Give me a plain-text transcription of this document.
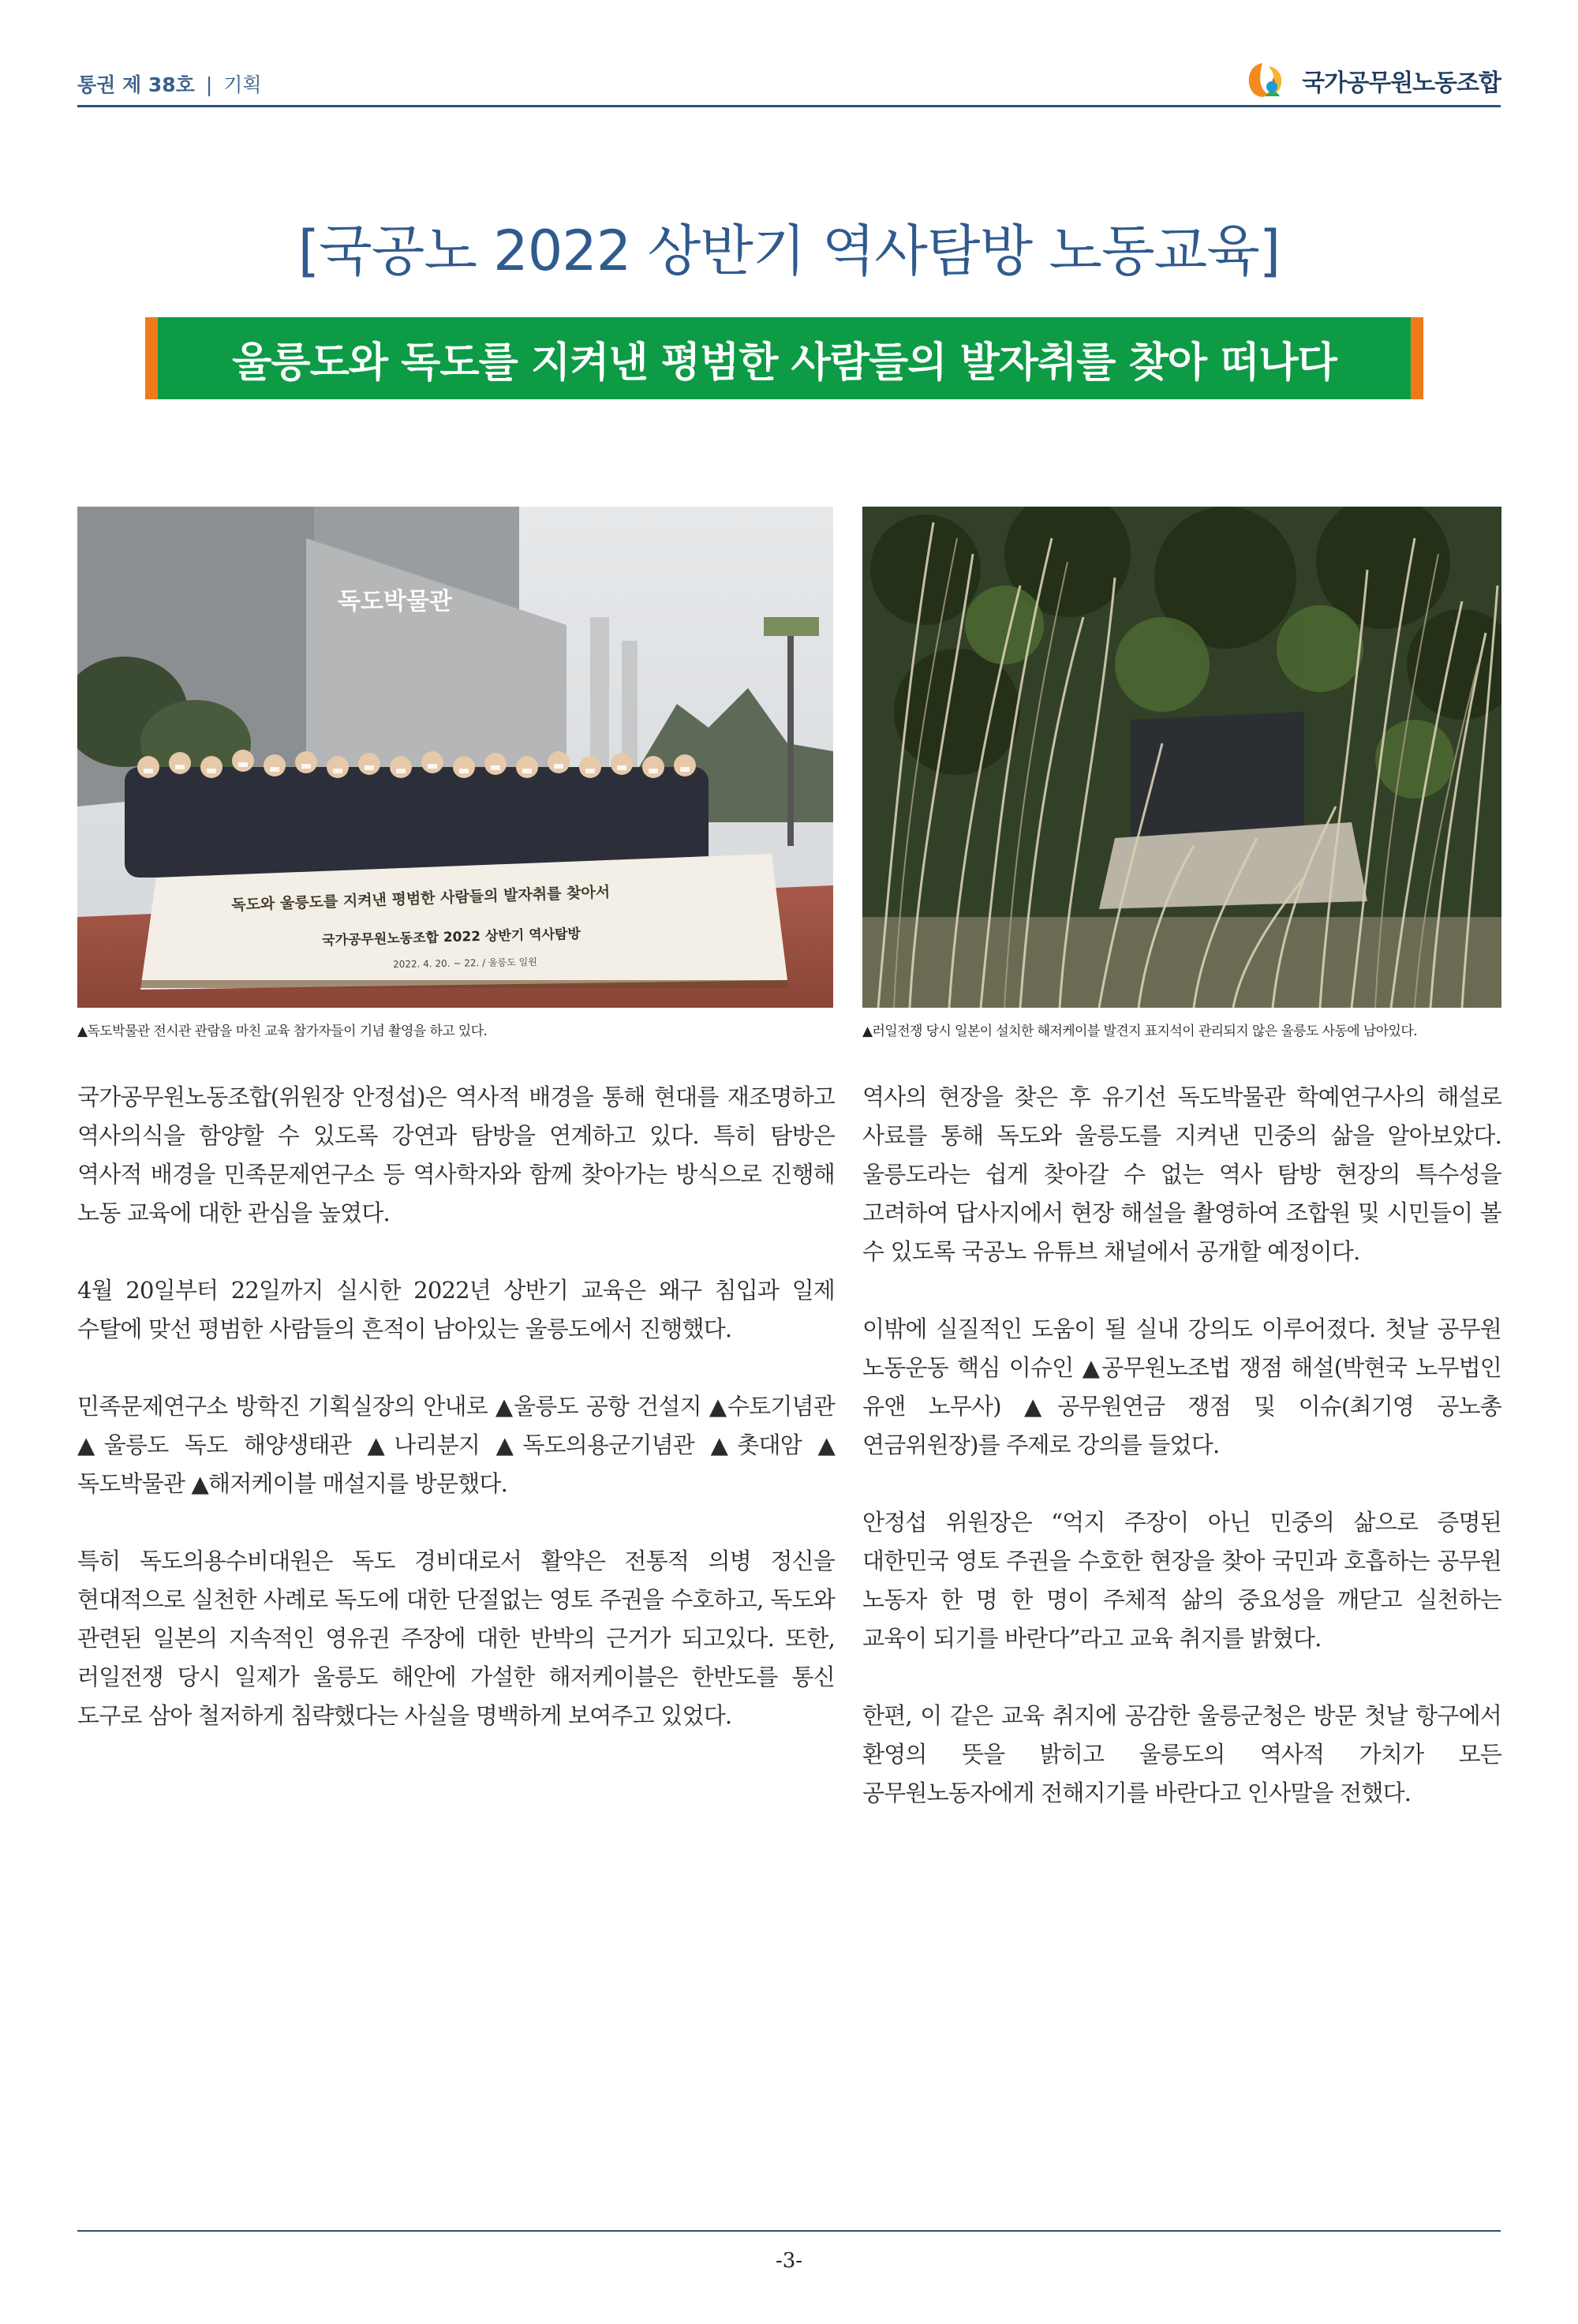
통권 제 38호 | 기획	국가공무원노동조합
[국공노 2022 상반기 역사탐방 노동교육]
울릉도와 독도를 지켜낸 평범한 사람들의 발자취를 찾아 떠나다
독도박물관
독도와 울릉도를 지켜낸 평범한 사람들의 발자취를 찾아서
국가공무원노동조합 2022 상반기 역사탐방
2022. 4. 20. ~ 22. / 울릉도 일원
▲독도박물관 전시관 관람을 마친 교육 참가자들이 기념 촬영을 하고 있다.	▲러일전쟁 당시 일본이 설치한 해저케이블 발견지 표지석이 관리되지 않은 울릉도 사동에 남아있다.

국가공무원노동조합(위원장 안정섭)은 역사적 배경을 통해 현대를 재조명하고 역사의식을 함양할 수 있도록 강연과 탐방을 연계하고 있다. 특히 탐방은 역사적 배경을 민족문제연구소 등 역사학자와 함께 찾아가는 방식으로 진행해 노동 교육에 대한 관심을 높였다.

4월 20일부터 22일까지 실시한 2022년 상반기 교육은 왜구 침입과 일제 수탈에 맞선 평범한 사람들의 흔적이 남아있는 울릉도에서 진행했다.

민족문제연구소 방학진 기획실장의 안내로 ▲울릉도 공항 건설지 ▲수토기념관 ▲울릉도 독도 해양생태관 ▲나리분지 ▲독도의용군기념관 ▲촛대암 ▲독도박물관 ▲해저케이블 매설지를 방문했다.

특히 독도의용수비대원은 독도 경비대로서 활약은 전통적 의병 정신을 현대적으로 실천한 사례로 독도에 대한 단절없는 영토 주권을 수호하고, 독도와 관련된 일본의 지속적인 영유권 주장에 대한 반박의 근거가 되고있다. 또한, 러일전쟁 당시 일제가 울릉도 해안에 가설한 해저케이블은 한반도를 통신 도구로 삼아 철저하게 침략했다는 사실을 명백하게 보여주고 있었다.

역사의 현장을 찾은 후 유기선 독도박물관 학예연구사의 해설로 사료를 통해 독도와 울릉도를 지켜낸 민중의 삶을 알아보았다. 울릉도라는 쉽게 찾아갈 수 없는 역사 탐방 현장의 특수성을 고려하여 답사지에서 현장 해설을 촬영하여 조합원 및 시민들이 볼 수 있도록 국공노 유튜브 채널에서 공개할 예정이다.

이밖에 실질적인 도움이 될 실내 강의도 이루어졌다. 첫날 공무원 노동운동 핵심 이슈인 ▲공무원노조법 쟁점 해설(박현국 노무법인 유앤 노무사) ▲공무원연금 쟁점 및 이슈(최기영 공노총 연금위원장)를 주제로 강의를 들었다.

안정섭 위원장은 “억지 주장이 아닌 민중의 삶으로 증명된 대한민국 영토 주권을 수호한 현장을 찾아 국민과 호흡하는 공무원 노동자 한 명 한 명이 주체적 삶의 중요성을 깨닫고 실천하는 교육이 되기를 바란다”라고 교육 취지를 밝혔다.

한편, 이 같은 교육 취지에 공감한 울릉군청은 방문 첫날 항구에서 환영의 뜻을 밝히고 울릉도의 역사적 가치가 모든 공무원노동자에게 전해지기를 바란다고 인사말을 전했다.

-3-
